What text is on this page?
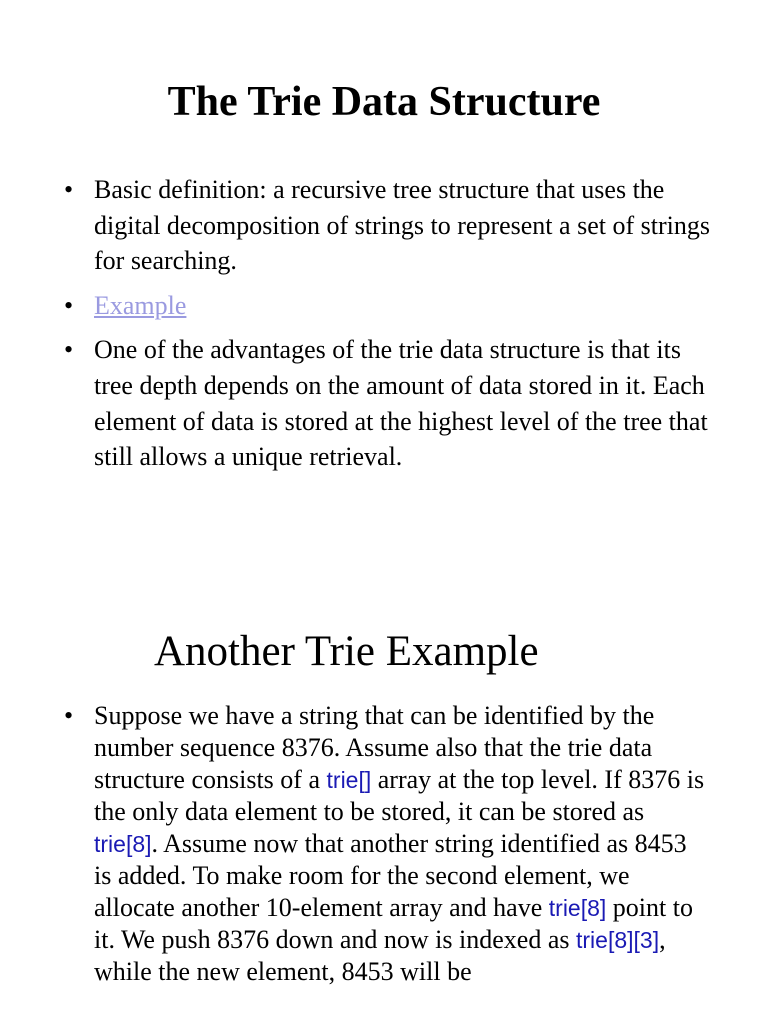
The Trie Data Structure
• Basic definition: a recursive tree structure that uses the digital decomposition of strings to represent a set of strings for searching.
• Example
• One of the advantages of the trie data structure is that its tree depth depends on the amount of data stored in it. Each element of data is stored at the highest level of the tree that still allows a unique retrieval.
Another Trie Example
• Suppose we have a string that can be identified by the number sequence 8376. Assume also that the trie data structure consists of a trie[] array at the top level. If 8376 is the only data element to be stored, it can be stored as trie[8]. Assume now that another string identified as 8453 is added. To make room for the second element, we allocate another 10-element array and have trie[8] point to it. We push 8376 down and now is indexed as trie[8][3], while the new element, 8453 will be
